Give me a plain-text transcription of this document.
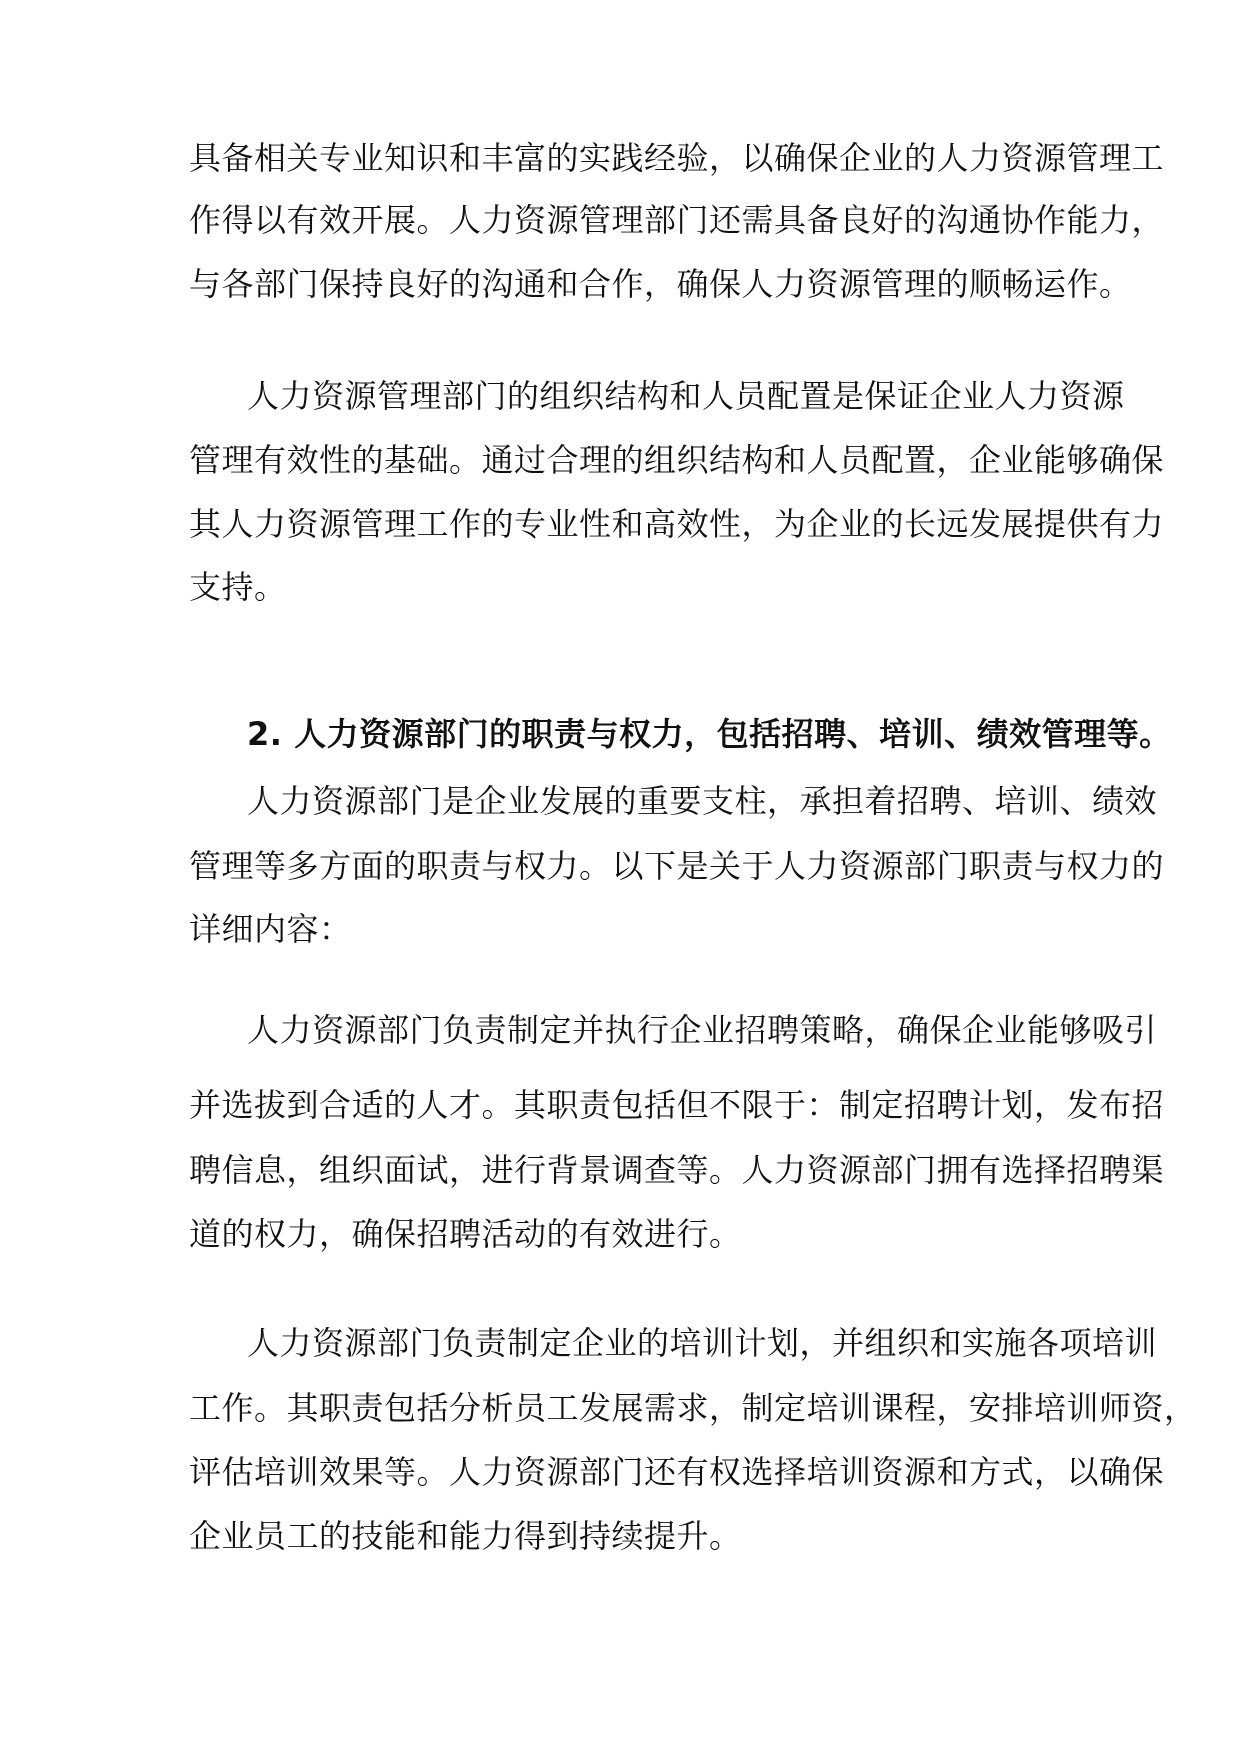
具备相关专业知识和丰富的实践经验，以确保企业的人力资源管理工
作得以有效开展。人力资源管理部门还需具备良好的沟通协作能力，
与各部门保持良好的沟通和合作，确保人力资源管理的顺畅运作。
人力资源管理部门的组织结构和人员配置是保证企业人力资源
管理有效性的基础。通过合理的组织结构和人员配置，企业能够确保
其人力资源管理工作的专业性和高效性，为企业的长远发展提供有力
支持。
2. 人力资源部门的职责与权力，包括招聘、培训、绩效管理等。
人力资源部门是企业发展的重要支柱，承担着招聘、培训、绩效
管理等多方面的职责与权力。以下是关于人力资源部门职责与权力的
详细内容：
人力资源部门负责制定并执行企业招聘策略，确保企业能够吸引
并选拔到合适的人才。其职责包括但不限于：制定招聘计划，发布招
聘信息，组织面试，进行背景调查等。人力资源部门拥有选择招聘渠
道的权力，确保招聘活动的有效进行。
人力资源部门负责制定企业的培训计划，并组织和实施各项培训
工作。其职责包括分析员工发展需求，制定培训课程，安排培训师资，
评估培训效果等。人力资源部门还有权选择培训资源和方式，以确保
企业员工的技能和能力得到持续提升。
